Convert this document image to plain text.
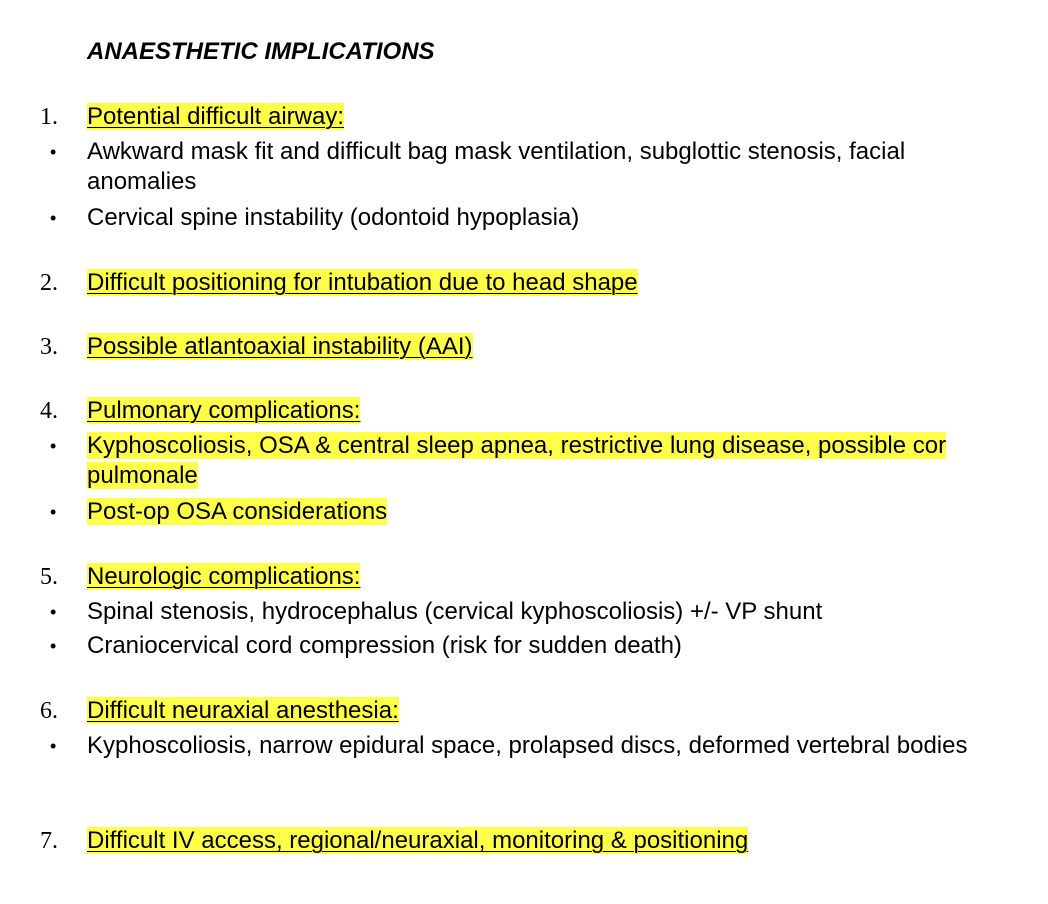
ANAESTHETIC IMPLICATIONS
1.	Potential difficult airway:
•	Awkward mask fit and difficult bag mask ventilation, subglottic stenosis, facial anomalies
•	Cervical spine instability (odontoid hypoplasia)
2.	Difficult positioning for intubation due to head shape
3.	Possible atlantoaxial instability (AAI)
4.	Pulmonary complications:
•	Kyphoscoliosis, OSA & central sleep apnea, restrictive lung disease, possible cor pulmonale
•	Post-op OSA considerations
5.	Neurologic complications:
•	Spinal stenosis, hydrocephalus (cervical kyphoscoliosis) +/- VP shunt
•	Craniocervical cord compression (risk for sudden death)
6.	Difficult neuraxial anesthesia:
•	Kyphoscoliosis, narrow epidural space, prolapsed discs, deformed vertebral bodies
7.	Difficult IV access, regional/neuraxial, monitoring & positioning
